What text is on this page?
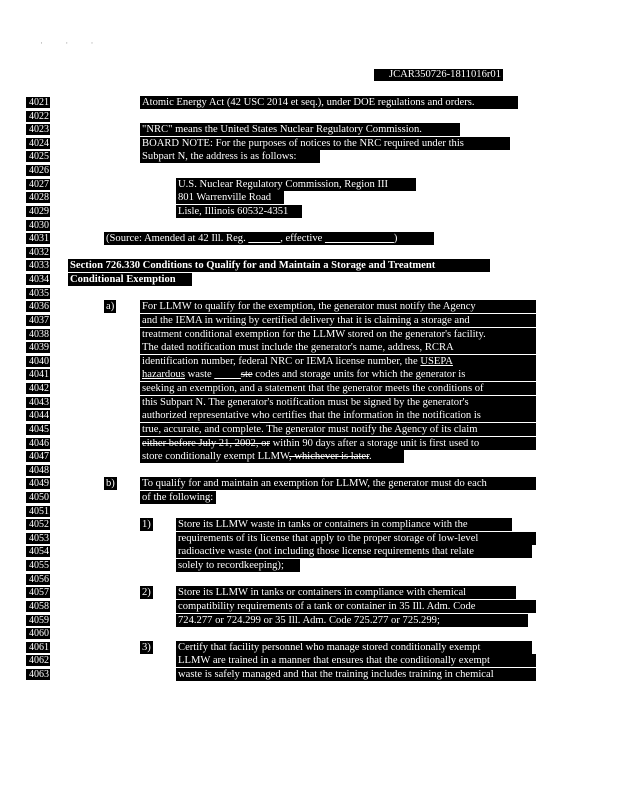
· · ·
JCAR350726-1811016r01
4021	Atomic Energy Act (42 USC 2014 et seq.), under DOE regulations and orders.
4022
4023	"NRC" means the United States Nuclear Regulatory Commission.
4024	BOARD NOTE: For the purposes of notices to the NRC required under this
4025	Subpart N, the address is as follows:
4026
4027	U.S. Nuclear Regulatory Commission, Region III
4028	801 Warrenville Road
4029	Lisle, Illinois 60532-4351
4030
4031	(Source: Amended at 42 Ill. Reg. ______, effective _____________)
4032
4033 Section 726.330 Conditions to Qualify for and Maintain a Storage and Treatment
4034 Conditional Exemption
4035
4036	a)	For LLMW to qualify for the exemption, the generator must notify the Agency
4037	and the IEMA in writing by certified delivery that it is claiming a storage and
4038	treatment conditional exemption for the LLMW stored on the generator's facility.
4039	The dated notification must include the generator's name, address, RCRA
4040	identification number, federal NRC or IEMA license number, the USEPA
4041	hazardous waste _____ste codes and storage units for which the generator is
4042	seeking an exemption, and a statement that the generator meets the conditions of
4043	this Subpart N. The generator's notification must be signed by the generator's
4044	authorized representative who certifies that the information in the notification is
4045	true, accurate, and complete. The generator must notify the Agency of its claim
4046	either before July 21, 2002, or within 90 days after a storage unit is first used to
4047	store conditionally exempt LLMW, whichever is later.
4048
4049	b)	To qualify for and maintain an exemption for LLMW, the generator must do each
4050	of the following:
4051
4052	1)	Store its LLMW waste in tanks or containers in compliance with the
4053	requirements of its license that apply to the proper storage of low-level
4054	radioactive waste (not including those license requirements that relate
4055	solely to recordkeeping);
4056
4057	2)	Store its LLMW in tanks or containers in compliance with chemical
4058	compatibility requirements of a tank or container in 35 Ill. Adm. Code
4059	724.277 or 724.299 or 35 Ill. Adm. Code 725.277 or 725.299;
4060
4061	3)	Certify that facility personnel who manage stored conditionally exempt
4062	LLMW are trained in a manner that ensures that the conditionally exempt
4063	waste is safely managed and that the training includes training in chemical
